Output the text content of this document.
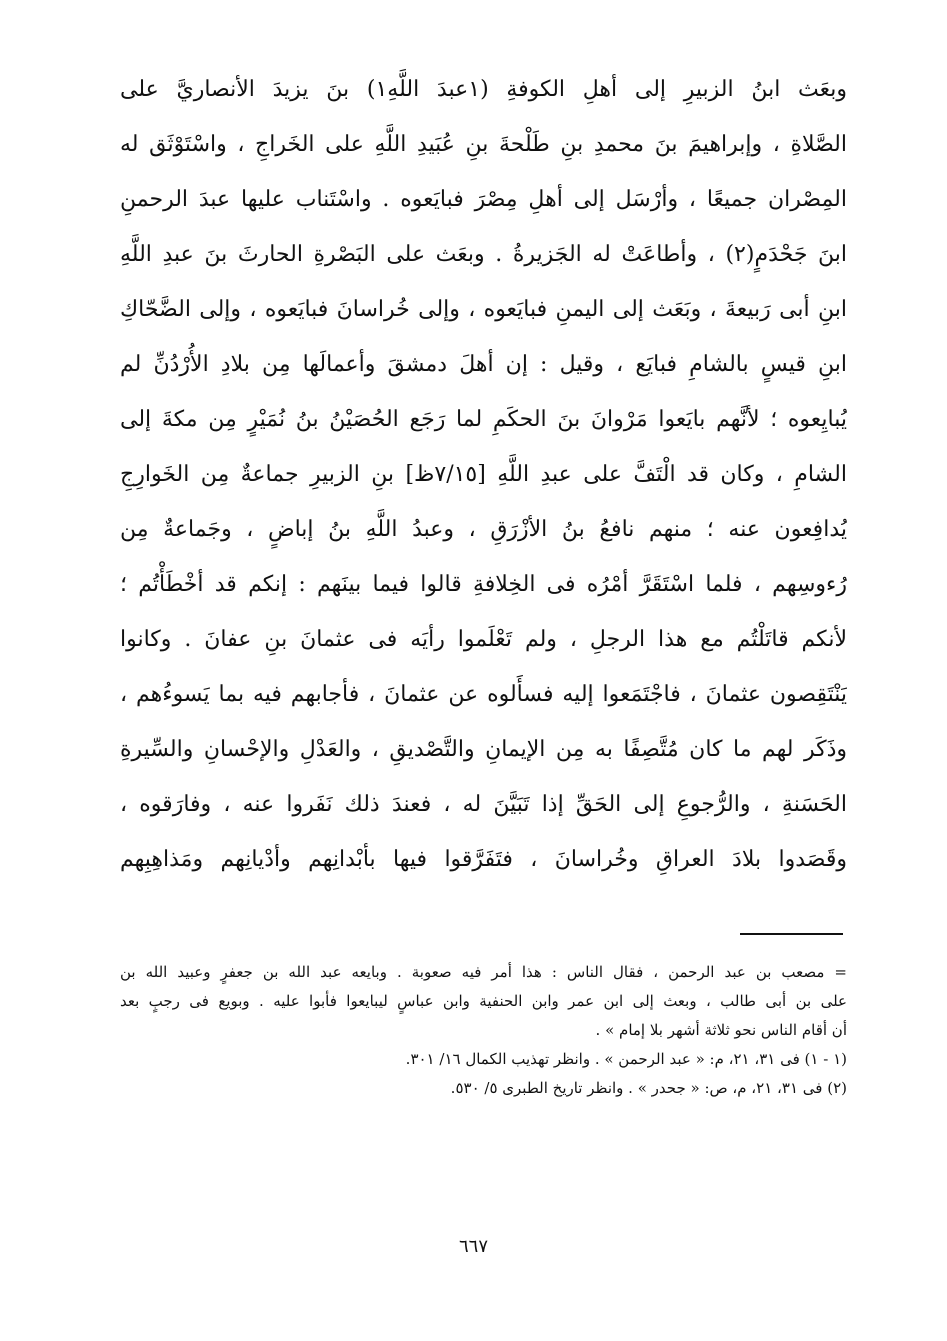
وبعَث ابنُ الزبيرِ إلى أهلِ الكوفةِ (١عبدَ اللَّهِ١) بنَ يزيدَ الأنصاريَّ على
الصَّلاةِ ، وإبراهيمَ بنَ محمدِ بنِ طَلْحةَ بنِ عُبَيدِ اللَّهِ على الخَراجِ ، واسْتَوْثَق له
المِصْران جميعًا ، وأرْسَل إلى أهلِ مِصْرَ فبايَعوه . واسْتَناب عليها عبدَ الرحمنِ
ابنَ جَحْدَمٍ(٢) ، وأطاعَتْ له الجَزيرةُ . وبعَث على البَصْرةِ الحارثَ بنَ عبدِ اللَّهِ
ابنِ أبى رَبيعةَ ، وبَعَث إلى اليمنِ فبايَعوه ، وإلى خُراسانَ فبايَعوه ، وإلى الضَّحّاكِ
ابنِ قيسٍ بالشامِ فبايَع ، وقيل : إن أهلَ دمشقَ وأعمالَها مِن بلادِ الأُرْدُنِّ لم
يُبايِعوه ؛ لأنَّهم بايَعوا مَرْوانَ بنَ الحكَمِ لما رَجَع الحُصَيْنُ بنُ نُمَيْرٍ مِن مكةَ إلى
الشامِ ، وكان قد الْتَفَّ على عبدِ اللَّهِ [٧/١٥ظ] بنِ الزبيرِ جماعةٌ مِن الخَوارِجِ
يُدافِعون عنه ؛ منهم نافعُ بنُ الأزْرَقِ ، وعبدُ اللَّهِ بنُ إباضٍ ، وجَماعةٌ مِن
رُءوسِهم ، فلما اسْتَقَرَّ أمْرُه فى الخِلافةِ قالوا فيما بينَهم : إنكم قد أخْطَأْتُم ؛
لأنكم قاتَلْتُم مع هذا الرجلِ ، ولم تَعْلَموا رأيَه فى عثمانَ بنِ عفانَ . وكانوا
يَنْتَقِصون عثمانَ ، فاجْتَمَعوا إليه فسأَلوه عن عثمانَ ، فأجابهم فيه بما يَسوءُهم ،
وذَكَر لهم ما كان مُتَّصِفًا به مِن الإيمانِ والتَّصْديقِ ، والعَدْلِ والإحْسانِ والسِّيرةِ
الحَسَنةِ ، والرُّجوعِ إلى الحَقِّ إذا تَبَيَّنَ له ، فعندَ ذلك نَفَروا عنه ، وفارَقوه ،
وقَصَدوا بلادَ العراقِ وخُراسانَ ، فتَفَرَّقوا فيها بأبْدانِهم وأدْيانِهم ومَذاهِبِهم
= مصعب بن عبد الرحمن ، فقال الناس : هذا أمر فيه صعوبة . وبايعه عبد الله بن جعفرٍ وعبيد الله بن
على بن أبى طالب ، وبعث إلى ابن عمر وابن الحنفية وابن عباسٍ ليبايعوا فأبوا عليه . وبويع فى رجبٍ بعد
أن أقام الناس نحو ثلاثة أشهر بلا إمام » .
(١ - ١) فى ٣١، ٢١، م: « عبد الرحمن » . وانظر تهذيب الكمال ١٦/ ٣٠١.
(٢) فى ٣١، ٢١، م، ص: « جحدر » . وانظر تاريخ الطبرى ٥/ ٥٣٠.
٦٦٧
